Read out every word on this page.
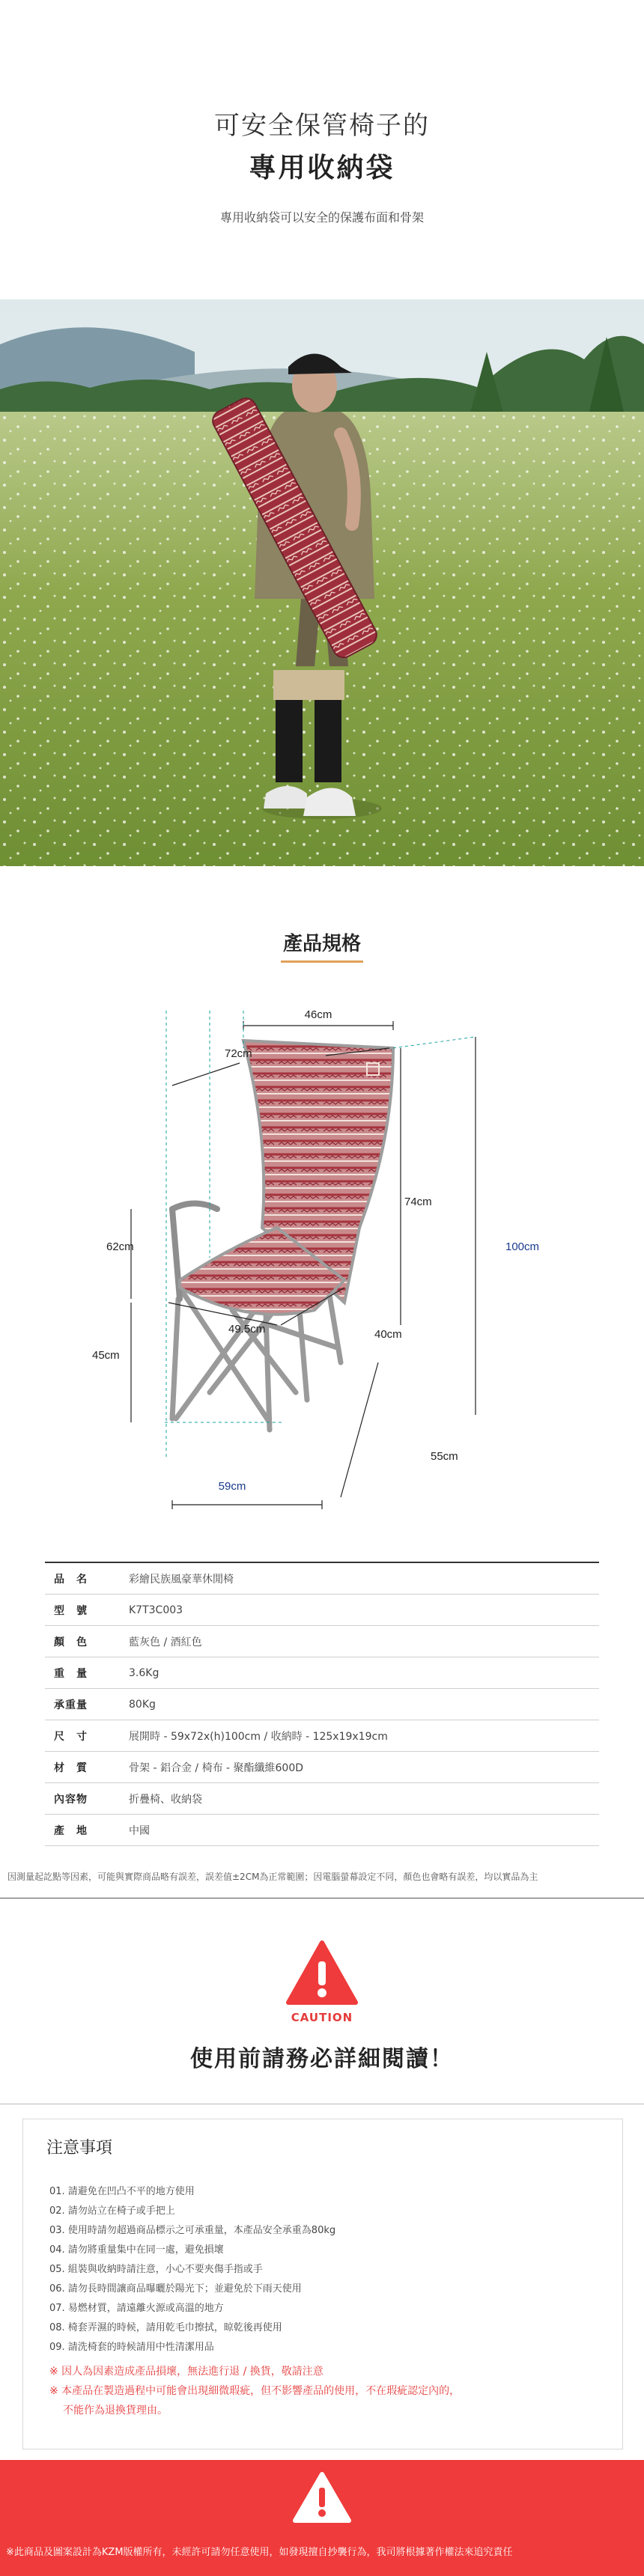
可安全保管椅子的
專用收納袋
專用收納袋可以安全的保護布面和骨架
產品規格
46cm
72cm
74cm
100cm
62cm
45cm
49.5cm	40cm
55cm
59cm
品　名	彩繪民族風豪華休閒椅
型　號	K7T3C003
顏　色	藍灰色 / 酒紅色
重　量	3.6Kg
承重量	80Kg
尺　寸	展開時 - 59x72x(h)100cm / 收納時 - 125x19x19cm
材　質	骨架 - 鋁合金 / 椅布 - 聚酯纖維600D
內容物	折疊椅、收納袋
產　地	中國
因測量起訖點等因素，可能與實際商品略有誤差，誤差值±2CM為正常範圍；因電腦螢幕設定不同，顏色也會略有誤差，均以實品為主
CAUTION
使用前請務必詳細閱讀！
注意事項
01. 請避免在凹凸不平的地方使用
02. 請勿站立在椅子或手把上
03. 使用時請勿超過商品標示之可承重量，本產品安全承重為80kg
04. 請勿將重量集中在同一處，避免損壞
05. 組裝與收納時請注意，小心不要夾傷手指或手
06. 請勿長時間讓商品曝曬於陽光下；並避免於下雨天使用
07. 易燃材質，請遠離火源或高溫的地方
08. 椅套弄濕的時候，請用乾毛巾擦拭，晾乾後再使用
09. 請洗椅套的時候請用中性清潔用品
※ 因人為因素造成產品損壞，無法進行退 / 換貨，敬請注意
※ 本產品在製造過程中可能會出現細微瑕疵，但不影響產品的使用，不在瑕疵認定內的，
不能作為退換貨理由。
※此商品及圖案設計為KZM版權所有，未經許可請勿任意使用，如發現擅自抄襲行為，我司將根據著作權法來追究責任
